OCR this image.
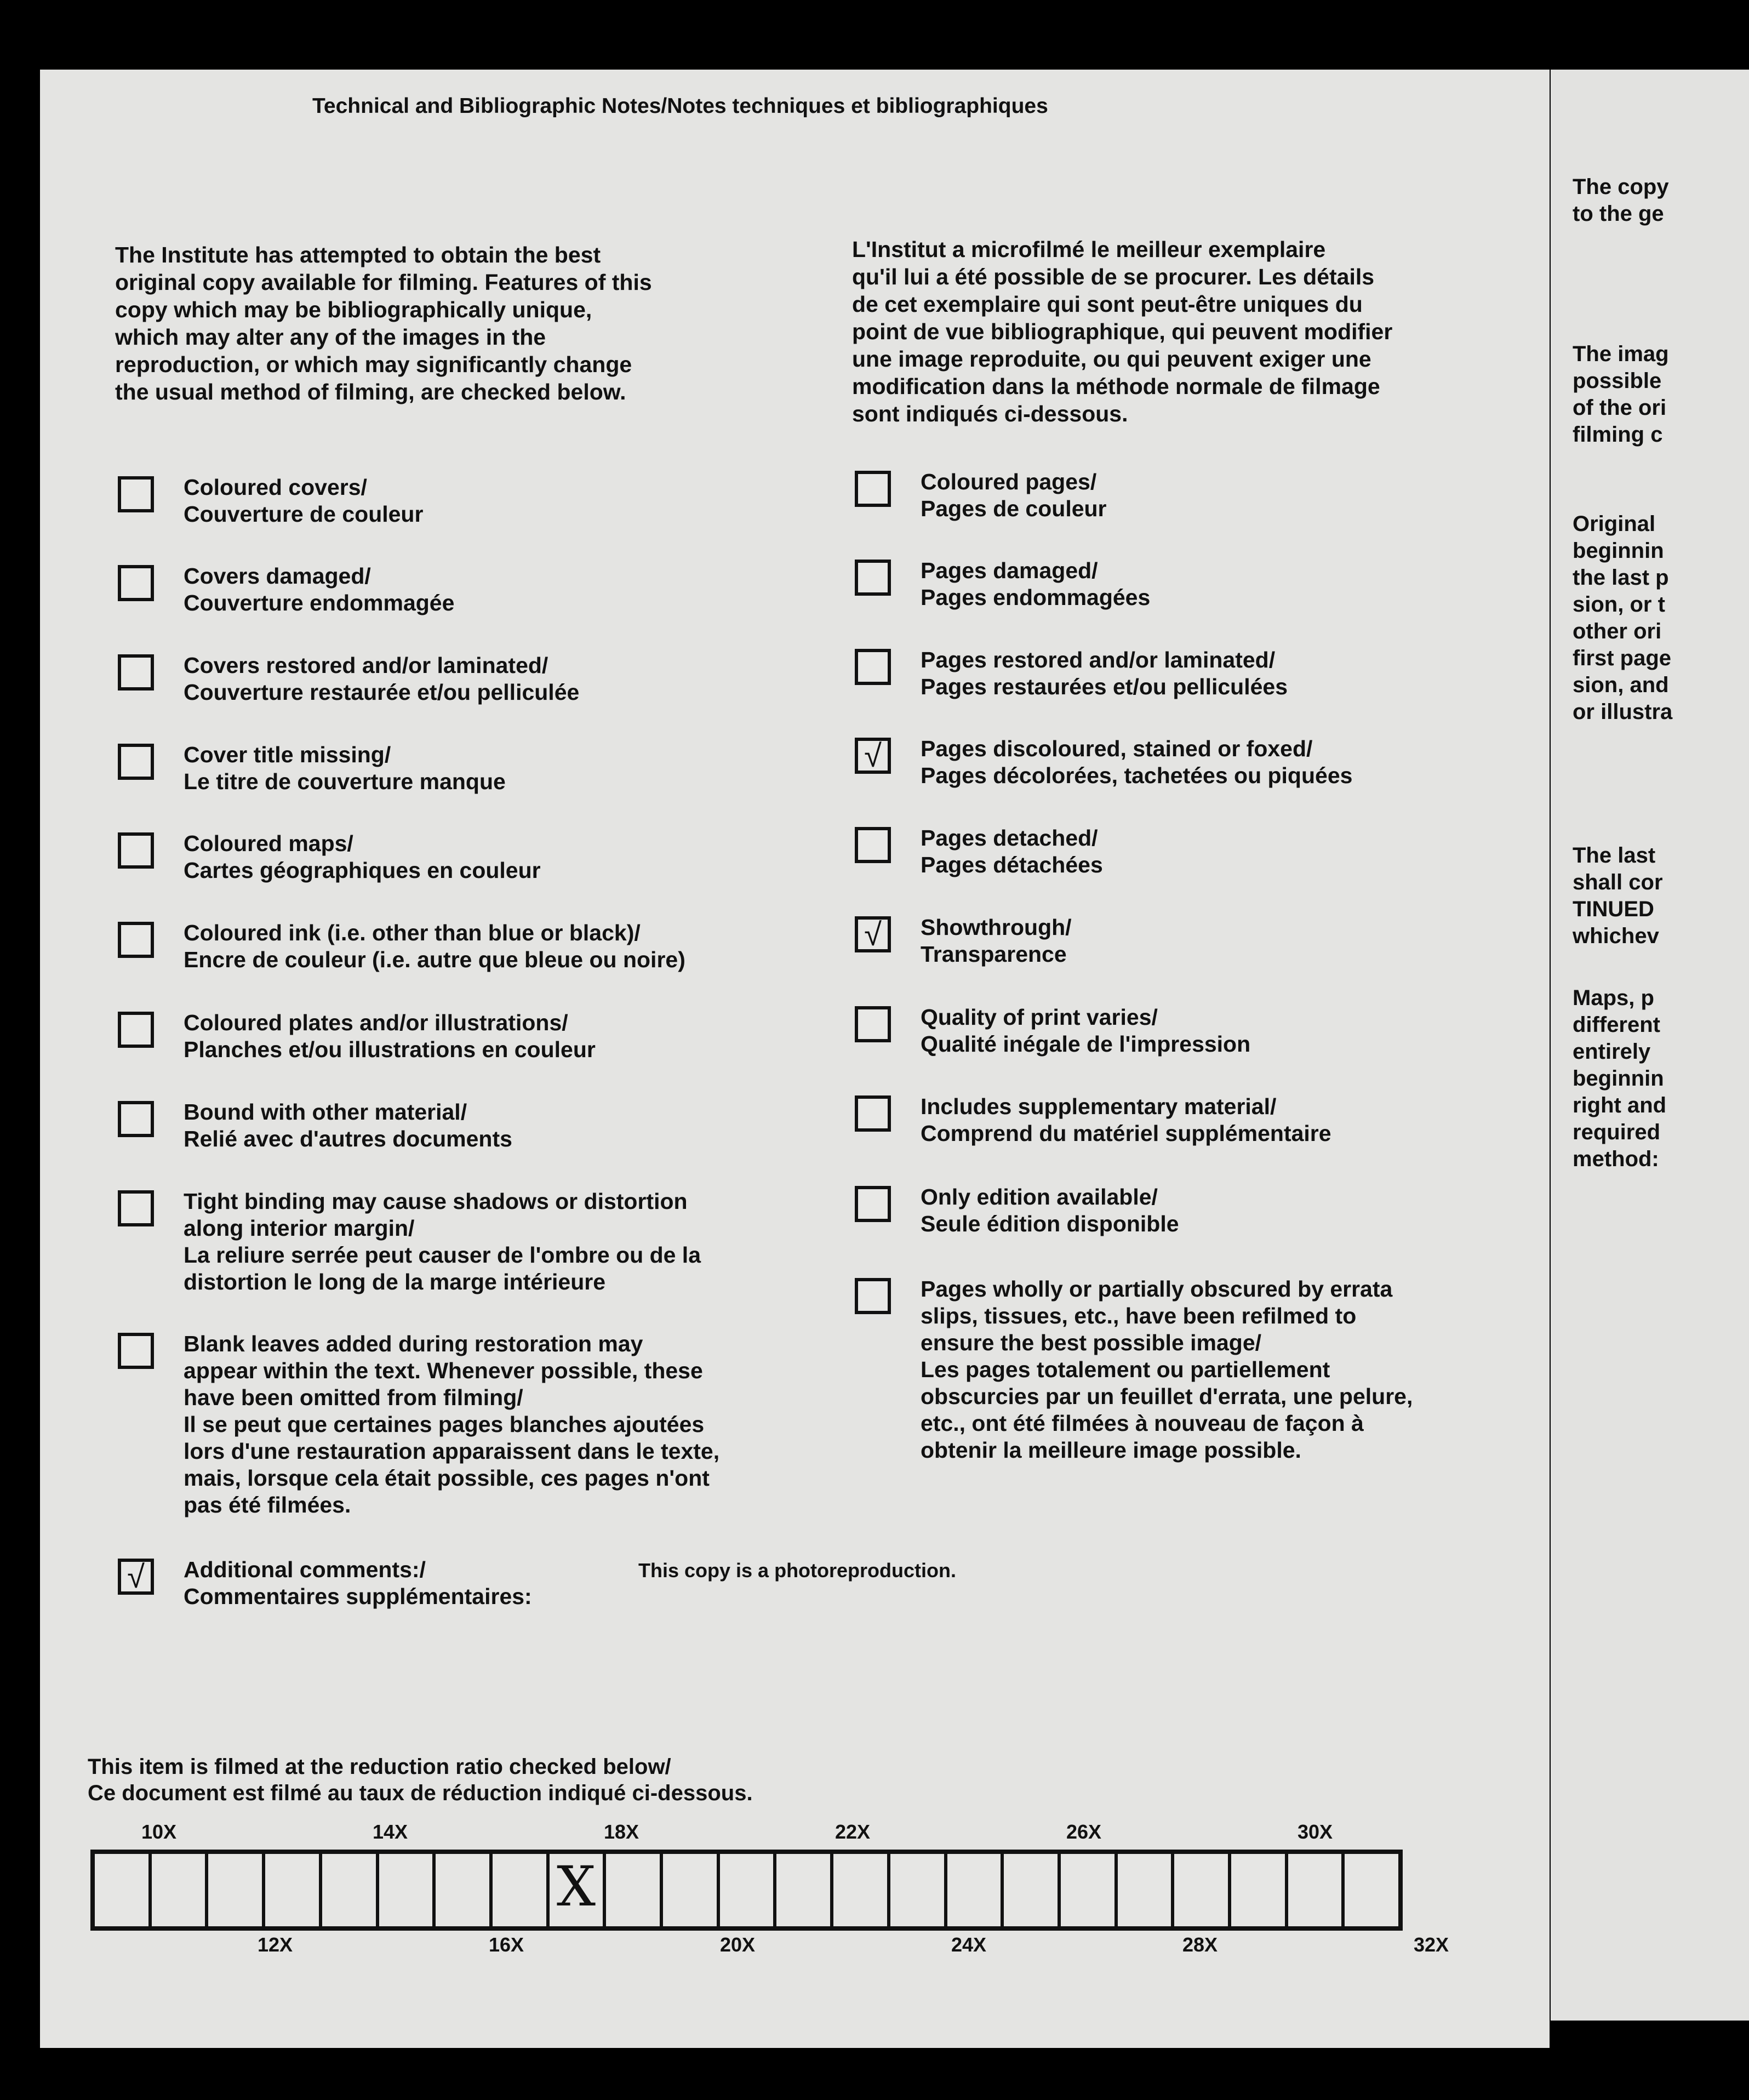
The copy
to the ge
The imag
possible
of the ori
filming c
Original
beginnin
the last p
sion, or t
other ori
first page
sion, and
or illustra
The last
shall cor
TINUED
whichev
Maps, p
different
entirely
beginnin
right and
required
method:
Technical and Bibliographic Notes/Notes techniques et bibliographiques
The Institute has attempted to obtain the best
original copy available for filming. Features of this
copy which may be bibliographically unique,
which may alter any of the images in the
reproduction, or which may significantly change
the usual method of filming, are checked below.
L'Institut a microfilmé le meilleur exemplaire
qu'il lui a été possible de se procurer. Les détails
de cet exemplaire qui sont peut-être uniques du
point de vue bibliographique, qui peuvent modifier
une image reproduite, ou qui peuvent exiger une
modification dans la méthode normale de filmage
sont indiqués ci-dessous.
Coloured covers/
Couverture de couleur
Covers damaged/
Couverture endommagée
Covers restored and/or laminated/
Couverture restaurée et/ou pelliculée
Cover title missing/
Le titre de couverture manque
Coloured maps/
Cartes géographiques en couleur
Coloured ink (i.e. other than blue or black)/
Encre de couleur (i.e. autre que bleue ou noire)
Coloured plates and/or illustrations/
Planches et/ou illustrations en couleur
Bound with other material/
Relié avec d'autres documents
Tight binding may cause shadows or distortion
along interior margin/
La reliure serrée peut causer de l'ombre ou de la
distortion le long de la marge intérieure
Blank leaves added during restoration may
appear within the text. Whenever possible, these
have been omitted from filming/
Il se peut que certaines pages blanches ajoutées
lors d'une restauration apparaissent dans le texte,
mais, lorsque cela était possible, ces pages n'ont
pas été filmées.
√ Additional comments:/
Commentaires supplémentaires:
Coloured pages/
Pages de couleur
Pages damaged/
Pages endommagées
Pages restored and/or laminated/
Pages restaurées et/ou pelliculées
√ Pages discoloured, stained or foxed/
Pages décolorées, tachetées ou piquées
Pages detached/
Pages détachées
√ Showthrough/
Transparence
Quality of print varies/
Qualité inégale de l'impression
Includes supplementary material/
Comprend du matériel supplémentaire
Only edition available/
Seule édition disponible
Pages wholly or partially obscured by errata
slips, tissues, etc., have been refilmed to
ensure the best possible image/
Les pages totalement ou partiellement
obscurcies par un feuillet d'errata, une pelure,
etc., ont été filmées à nouveau de façon à
obtenir la meilleure image possible.
This copy is a photoreproduction.
This item is filmed at the reduction ratio checked below/
Ce document est filmé au taux de réduction indiqué ci-dessous.
10X	14X	18X	22X	26X	30X
X
12X	16X	20X	24X	28X	32X
